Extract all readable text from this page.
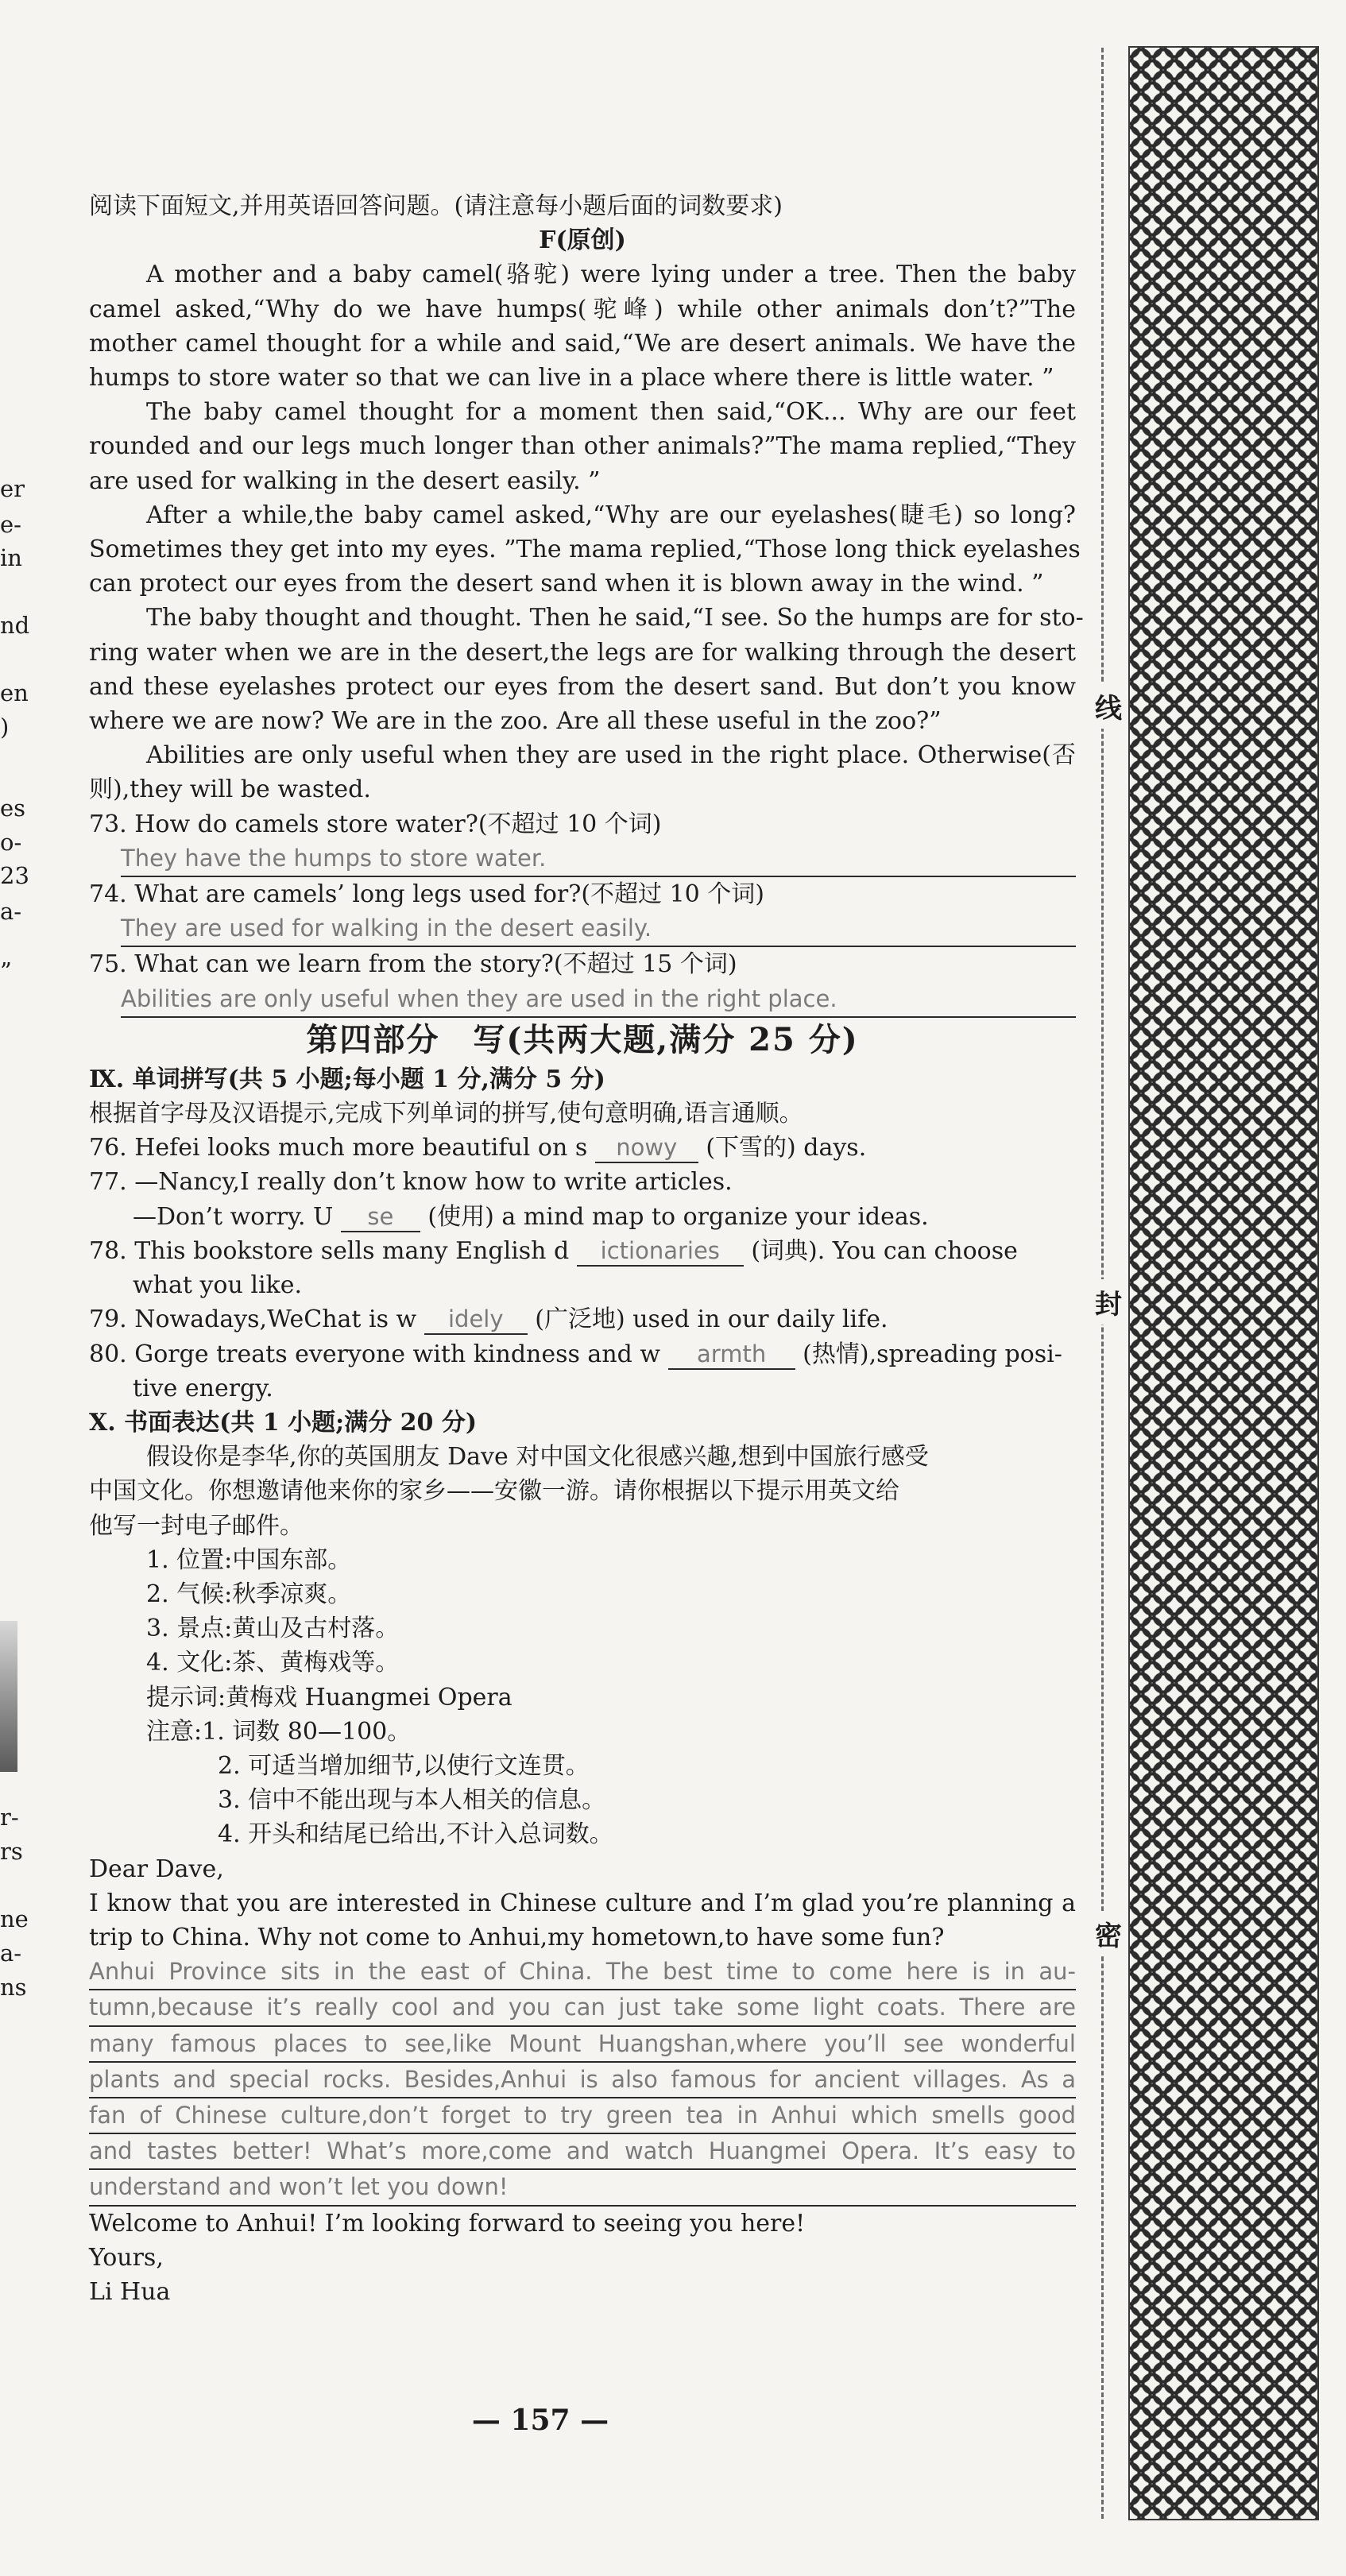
er
e-
in
nd
en
)
es
o-
23
a-
”
r-
rs
ne
a-
ns
阅读下面短文,并用英语回答问题。(请注意每小题后面的词数要求)
F(原创)
A mother and a baby camel(骆驼) were lying under a tree. Then the baby
camel asked,“Why do we have humps(驼峰) while other animals don’t?”The
mother camel thought for a while and said,“We are desert animals. We have the
humps to store water so that we can live in a place where there is little water. ”
The baby camel thought for a moment then said,“OK... Why are our feet
rounded and our legs much longer than other animals?”The mama replied,“They
are used for walking in the desert easily. ”
After a while,the baby camel asked,“Why are our eyelashes(睫毛) so long?
Sometimes they get into my eyes. ”The mama replied,“Those long thick eyelashes
can protect our eyes from the desert sand when it is blown away in the wind. ”
The baby thought and thought. Then he said,“I see. So the humps are for sto-
ring water when we are in the desert,the legs are for walking through the desert
and these eyelashes protect our eyes from the desert sand. But don’t you know
where we are now? We are in the zoo. Are all these useful in the zoo?”
Abilities are only useful when they are used in the right place. Otherwise(否
则),they will be wasted.
73. How do camels store water?(不超过 10 个词)
They have the humps to store water.
74. What are camels’ long legs used for?(不超过 10 个词)
They are used for walking in the desert easily.
75. What can we learn from the story?(不超过 15 个词)
Abilities are only useful when they are used in the right place.
第四部分　写(共两大题,满分 25 分)
Ⅸ. 单词拼写(共 5 小题;每小题 1 分,满分 5 分)
根据首字母及汉语提示,完成下列单词的拼写,使句意明确,语言通顺。
76. Hefei looks much more beautiful on s nowy (下雪的) days.
77. —Nancy,I really don’t know how to write articles.
—Don’t worry. U se (使用) a mind map to organize your ideas.
78. This bookstore sells many English d ictionaries (词典). You can choose
what you like.
79. Nowadays,WeChat is w idely (广泛地) used in our daily life.
80. Gorge treats everyone with kindness and w armth (热情),spreading posi-
tive energy.
Ⅹ. 书面表达(共 1 小题;满分 20 分)
假设你是李华,你的英国朋友 Dave 对中国文化很感兴趣,想到中国旅行感受
中国文化。你想邀请他来你的家乡——安徽一游。请你根据以下提示用英文给
他写一封电子邮件。
1. 位置:中国东部。
2. 气候:秋季凉爽。
3. 景点:黄山及古村落。
4. 文化:茶、黄梅戏等。
提示词:黄梅戏 Huangmei Opera
注意:1. 词数 80—100。
2. 可适当增加细节,以使行文连贯。
3. 信中不能出现与本人相关的信息。
4. 开头和结尾已给出,不计入总词数。
Dear Dave,
I know that you are interested in Chinese culture and I’m glad you’re planning a
trip to China. Why not come to Anhui,my hometown,to have some fun?
Anhui Province sits in the east of China. The best time to come here is in au-
tumn,because it’s really cool and you can just take some light coats. There are
many famous places to see,like Mount Huangshan,where you’ll see wonderful
plants and special rocks. Besides,Anhui is also famous for ancient villages. As a
fan of Chinese culture,don’t forget to try green tea in Anhui which smells good
and tastes better! What’s more,come and watch Huangmei Opera. It’s easy to
understand and won’t let you down!
Welcome to Anhui! I’m looking forward to seeing you here!
Yours,
Li Hua
— 157 —
线
封
密
